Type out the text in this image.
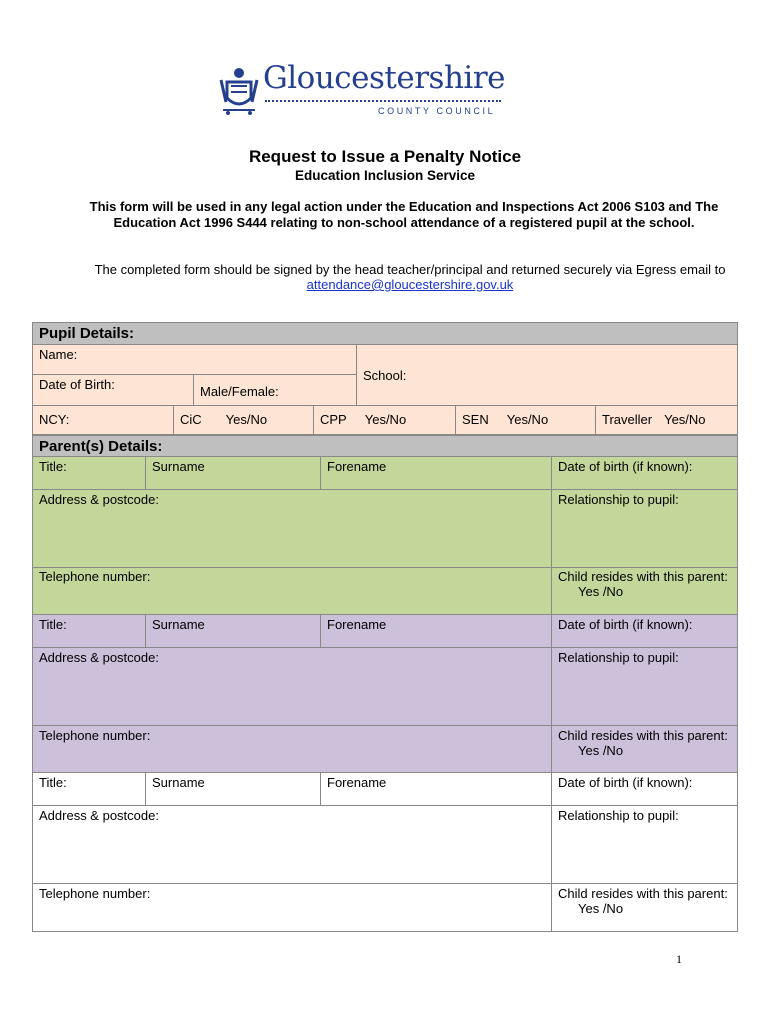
Gloucestershire
COUNTY COUNCIL
Request to Issue a Penalty Notice
Education Inclusion Service
This form will be used in any legal action under the Education and Inspections Act 2006 S103 and The Education Act 1996 S444 relating to non-school attendance of a registered pupil at the school.
The completed form should be signed by the head teacher/principal and returned securely via Egress email to attendance@gloucestershire.gov.uk
Pupil Details:
Name:
Date of Birth:	Male/Female:
School:
NCY:	CiC Yes/No	CPP Yes/No	SEN Yes/No	Traveller Yes/No
Parent(s) Details:
Title:	Surname	Forename	Date of birth (if known):
Address & postcode:	Relationship to pupil:
Telephone number:	Child resides with this parent:Yes /No
Title:	Surname	Forename	Date of birth (if known):
Address & postcode:	Relationship to pupil:
Telephone number:	Child resides with this parent:Yes /No
Title:	Surname	Forename	Date of birth (if known):
Address & postcode:	Relationship to pupil:
Telephone number:	Child resides with this parent:Yes /No
1
